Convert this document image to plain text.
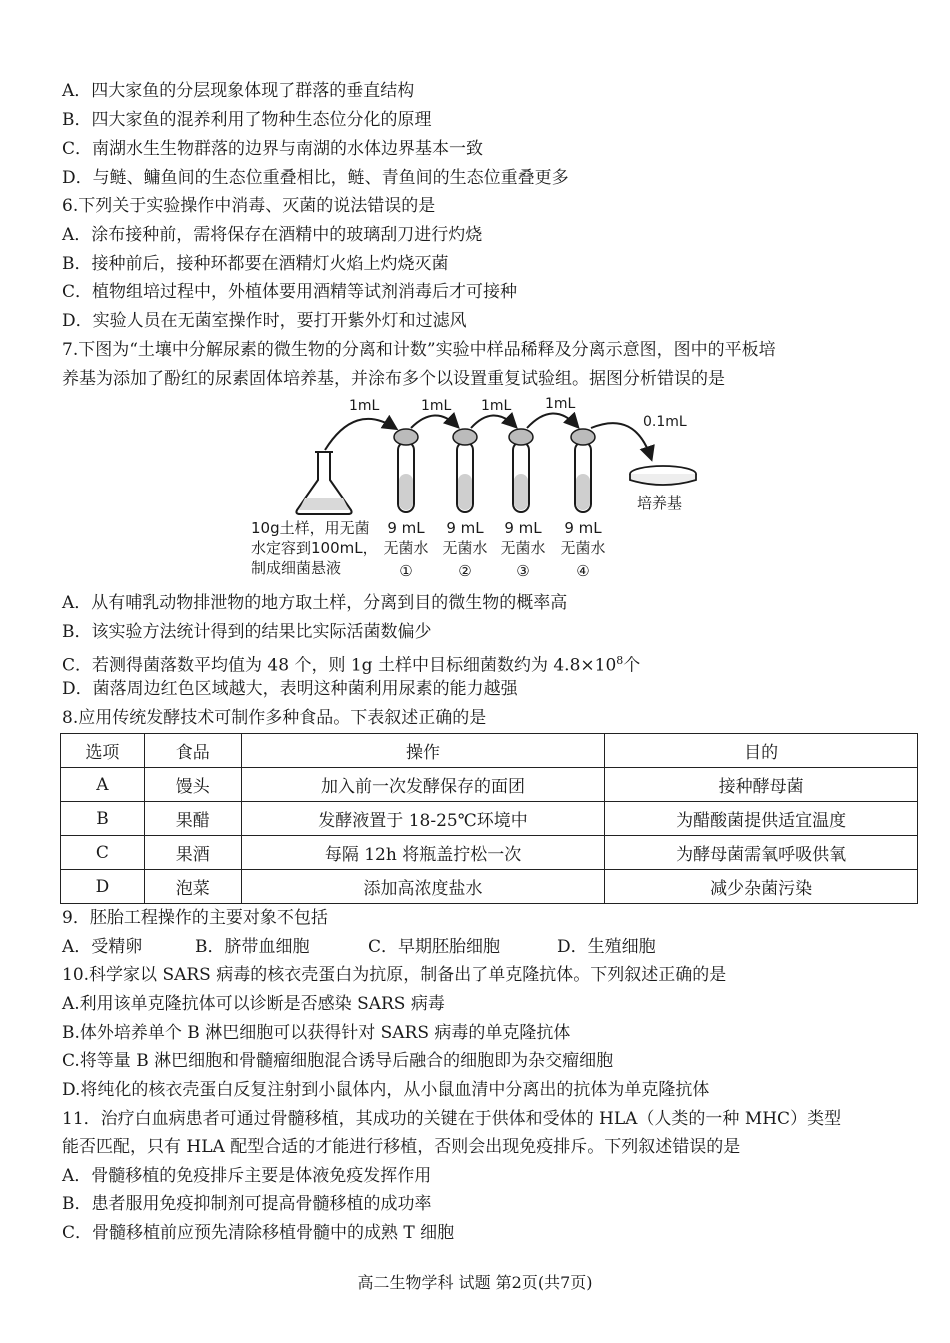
A．四大家鱼的分层现象体现了群落的垂直结构
B．四大家鱼的混养利用了物种生态位分化的原理
C．南湖水生生物群落的边界与南湖的水体边界基本一致
D．与鲢、鳙鱼间的生态位重叠相比，鲢、青鱼间的生态位重叠更多
6.下列关于实验操作中消毒、灭菌的说法错误的是
A．涂布接种前，需将保存在酒精中的玻璃刮刀进行灼烧
B．接种前后，接种环都要在酒精灯火焰上灼烧灭菌
C．植物组培过程中，外植体要用酒精等试剂消毒后才可接种
D．实验人员在无菌室操作时，要打开紫外灯和过滤风
7.下图为“土壤中分解尿素的微生物的分离和计数”实验中样品稀释及分离示意图，图中的平板培
养基为添加了酚红的尿素固体培养基，并涂布多个以设置重复试验组。据图分析错误的是
1mL	1mL 1mL 1mL
0.1mL
培养基
10g土样，用无菌
水定容到100mL，
制成细菌悬液
9 mL
无菌水
①
9 mL
无菌水
②
9 mL
无菌水
③
9 mL
无菌水
④
A．从有哺乳动物排泄物的地方取土样，分离到目的微生物的概率高
B．该实验方法统计得到的结果比实际活菌数偏少
C．若测得菌落数平均值为 48 个，则 1g 土样中目标细菌数约为 $4.8\times 10^8$个
D．菌落周边红色区域越大，表明这种菌利用尿素的能力越强
8.应用传统发酵技术可制作多种食品。下表叙述正确的是
选项	食品	操作	目的
A	馒头	加入前一次发酵保存的面团	接种酵母菌
B	果醋	发酵液置于 18-25℃环境中	为醋酸菌提供适宜温度
C	果酒	每隔 12h 将瓶盖拧松一次	为酵母菌需氧呼吸供氧
D	泡菜	添加高浓度盐水	减少杂菌污染
9．胚胎工程操作的主要对象不包括
A．受精卵	B．脐带血细胞	C．早期胚胎细胞	D．生殖细胞
10.科学家以 SARS 病毒的核衣壳蛋白为抗原，制备出了单克隆抗体。下列叙述正确的是
A.利用该单克隆抗体可以诊断是否感染 SARS 病毒
B.体外培养单个 B 淋巴细胞可以获得针对 SARS 病毒的单克隆抗体
C.将等量 B 淋巴细胞和骨髓瘤细胞混合诱导后融合的细胞即为杂交瘤细胞
D.将纯化的核衣壳蛋白反复注射到小鼠体内，从小鼠血清中分离出的抗体为单克隆抗体
11．治疗白血病患者可通过骨髓移植，其成功的关键在于供体和受体的 HLA（人类的一种 MHC）类型
能否匹配，只有 HLA 配型合适的才能进行移植，否则会出现免疫排斥。下列叙述错误的是
A．骨髓移植的免疫排斥主要是体液免疫发挥作用
B．患者服用免疫抑制剂可提高骨髓移植的成功率
C．骨髓移植前应预先清除移植骨髓中的成熟 T 细胞
高二生物学科 试题 第2页(共7页)
